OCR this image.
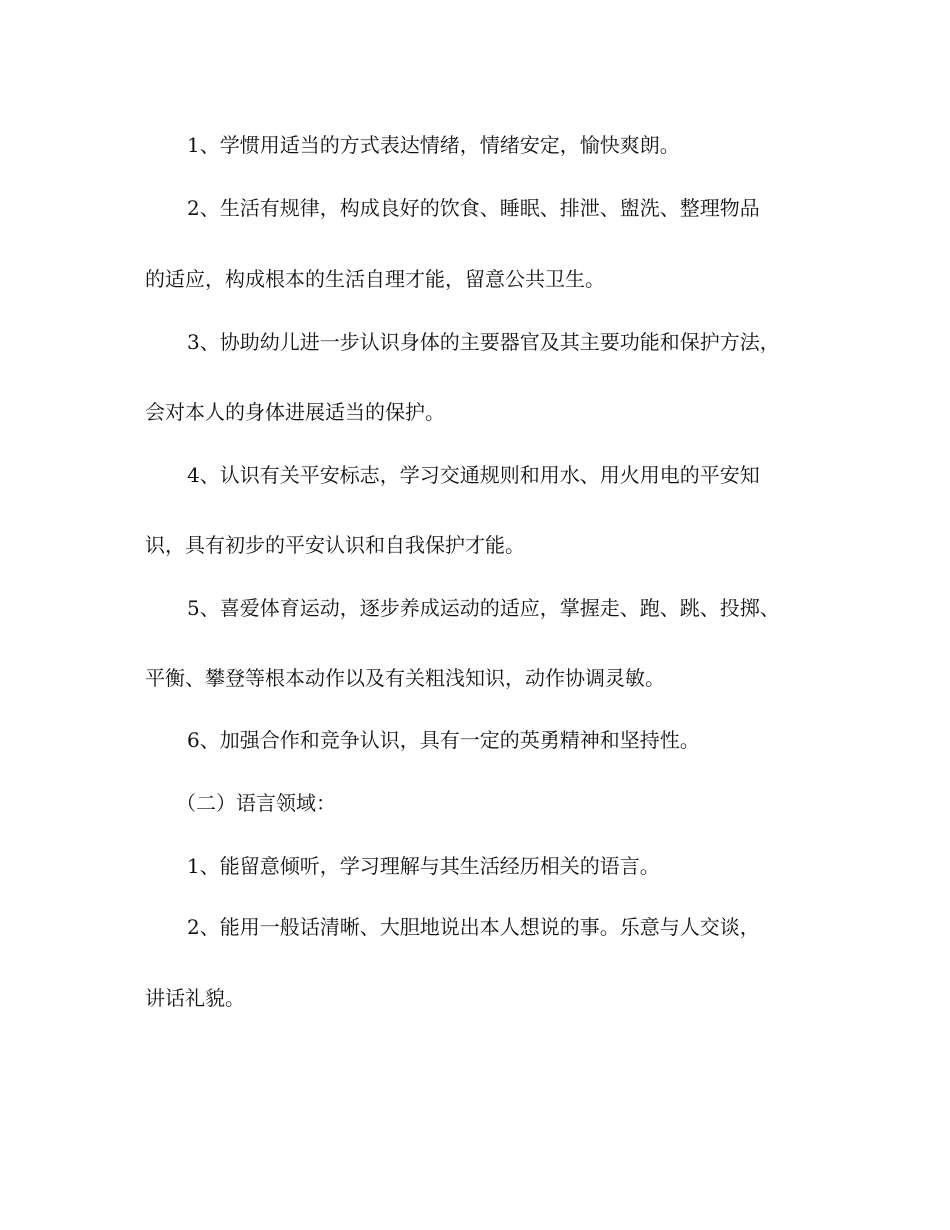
1、学惯用适当的方式表达情绪，情绪安定，愉快爽朗。
2、生活有规律，构成良好的饮食、睡眠、排泄、盥洗、整理物品
的适应，构成根本的生活自理才能，留意公共卫生。
3、协助幼儿进一步认识身体的主要器官及其主要功能和保护方法，
会对本人的身体进展适当的保护。
4、认识有关平安标志，学习交通规则和用水、用火用电的平安知
识，具有初步的平安认识和自我保护才能。
5、喜爱体育运动，逐步养成运动的适应，掌握走、跑、跳、投掷、
平衡、攀登等根本动作以及有关粗浅知识，动作协调灵敏。
6、加强合作和竞争认识，具有一定的英勇精神和坚持性。
（二）语言领域：
1、能留意倾听，学习理解与其生活经历相关的语言。
2、能用一般话清晰、大胆地说出本人想说的事。乐意与人交谈，
讲话礼貌。
